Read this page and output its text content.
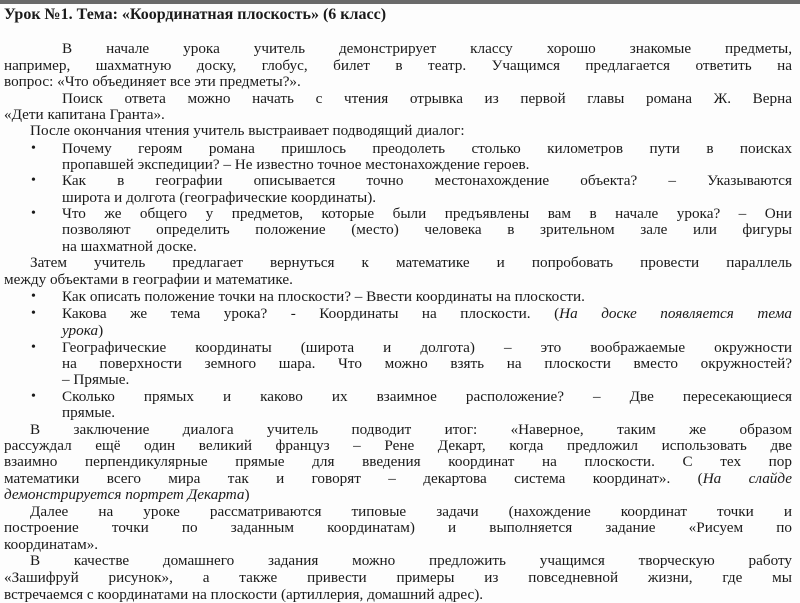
Урок №1. Тема: «Координатная плоскость» (6 класс)
В начале урока учитель демонстрирует классу хорошо знакомые предметы,
например, шахматную доску, глобус, билет в театр. Учащимся предлагается ответить на
вопрос: «Что объединяет все эти предметы?».
Поиск ответа можно начать с чтения отрывка из первой главы романа Ж. Верна
«Дети капитана Гранта».
После окончания чтения учитель выстраивает подводящий диалог:
• Почему героям романа пришлось преодолеть столько километров пути в поисках
пропавшей экспедиции? – Не известно точное местонахождение героев.
• Как в географии описывается точно местонахождение объекта? – Указываются
широта и долгота (географические координаты).
• Что же общего у предметов, которые были предъявлены вам в начале урока? – Они
позволяют определить положение (место) человека в зрительном зале или фигуры
на шахматной доске.
Затем учитель предлагает вернуться к математике и попробовать провести параллель
между объектами в географии и математике.
• Как описать положение точки на плоскости? – Ввести координаты на плоскости.
• Какова же тема урока? - Координаты на плоскости. (На доске появляется тема
урока)
• Географические координаты (широта и долгота) – это воображаемые окружности
на поверхности земного шара. Что можно взять на плоскости вместо окружностей?
– Прямые.
• Сколько прямых и каково их взаимное расположение? – Две пересекающиеся
прямые.
В заключение диалога учитель подводит итог: «Наверное, таким же образом
рассуждал ещё один великий француз – Рене Декарт, когда предложил использовать две
взаимно перпендикулярные прямые для введения координат на плоскости. С тех пор
математики всего мира так и говорят – декартова система координат». (На слайде
демонстрируется портрет Декарта)
Далее на уроке рассматриваются типовые задачи (нахождение координат точки и
построение точки по заданным координатам) и выполняется задание «Рисуем по
координатам».
В качестве домашнего задания можно предложить учащимся творческую работу
«Зашифруй рисунок», а также привести примеры из повседневной жизни, где мы
встречаемся с координатами на плоскости (артиллерия, домашний адрес).
